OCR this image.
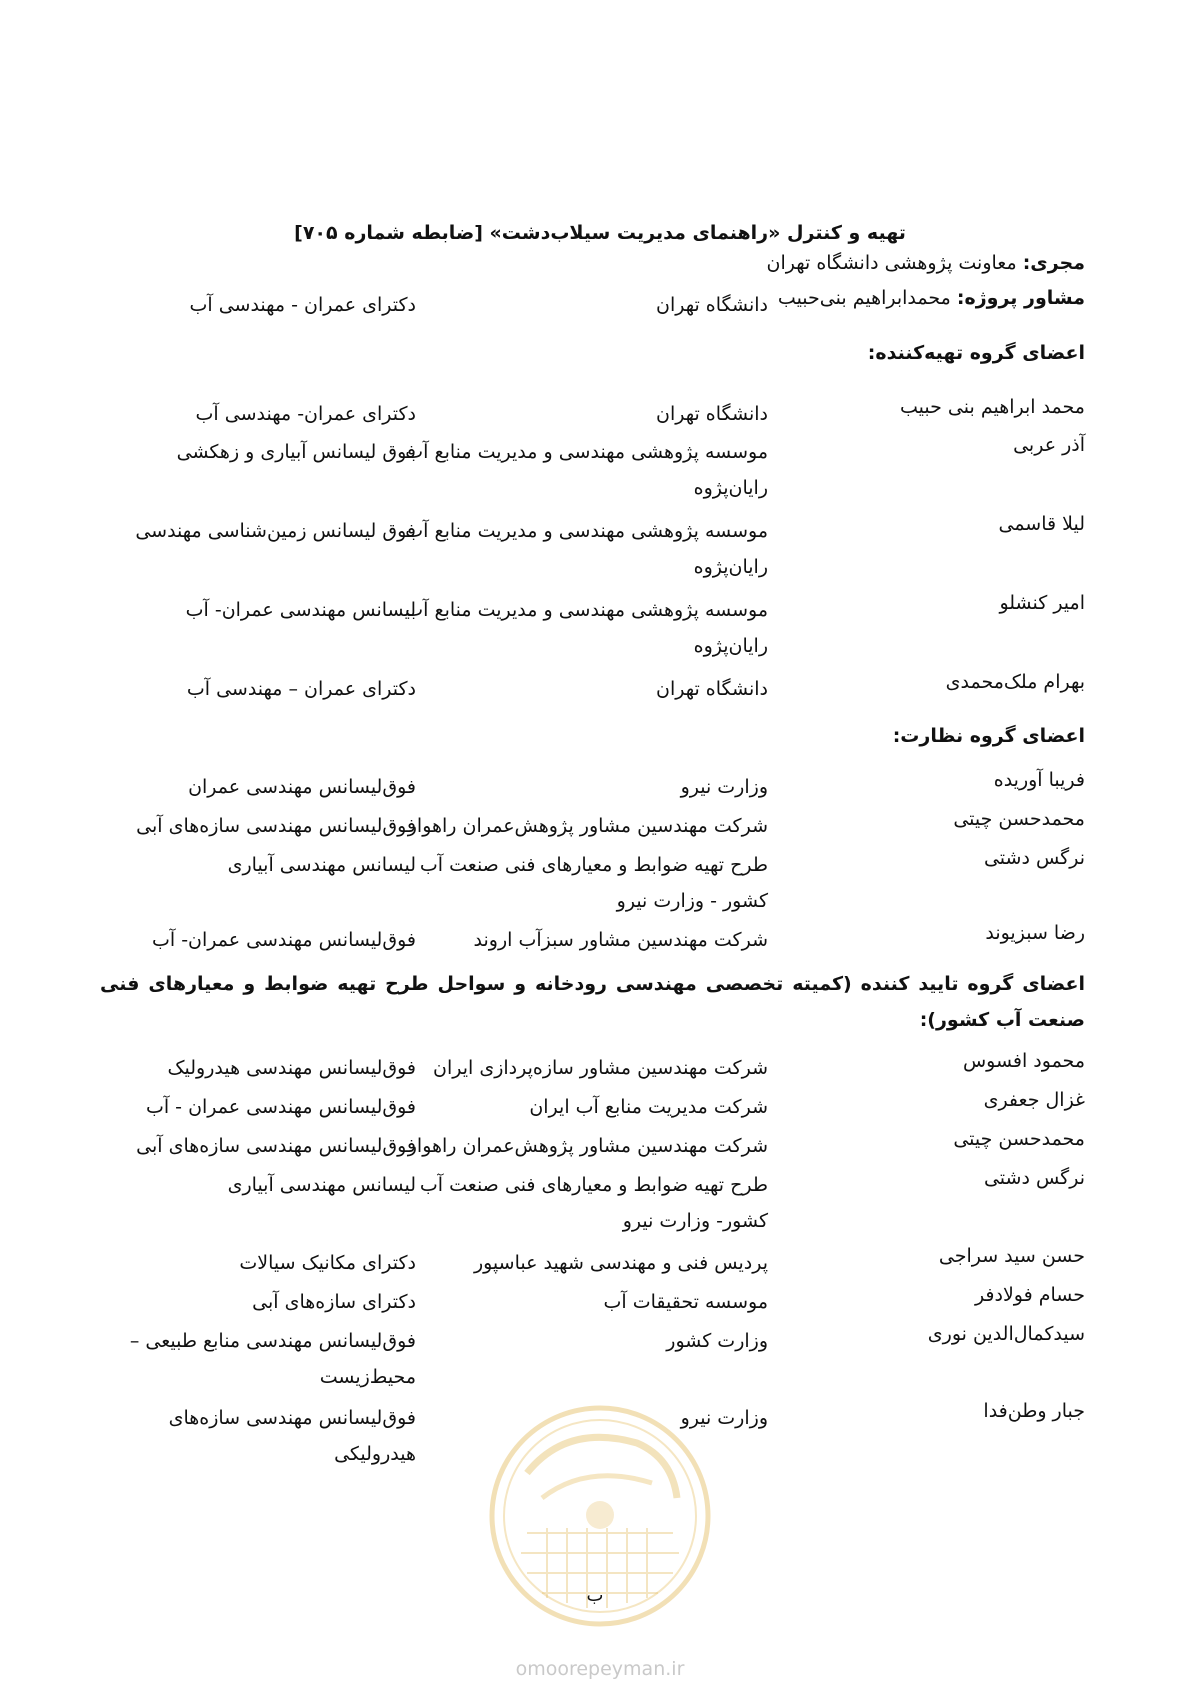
تهیه و کنترل «راهنمای مدیریت سیلاب‌دشت» [ضابطه شماره ۷۰۵]
مجری: معاونت پژوهشی دانشگاه تهران
مشاور پروژه: محمدابراهیم بنی‌حبیب
دانشگاه تهران
دکترای عمران - مهندسی آب
اعضای گروه تهیه‌کننده:
محمد ابراهیم بنی حبیب
دانشگاه تهران
دکترای عمران- مهندسی آب
آذر عربی
موسسه پژوهشی مهندسی و مدیریت منابع آب رایان‌پژوه
فوق لیسانس آبیاری و زهکشی
لیلا قاسمی
موسسه پژوهشی مهندسی و مدیریت منابع آب رایان‌پژوه
فوق لیسانس زمین‌شناسی مهندسی
امیر کنشلو
موسسه پژوهشی مهندسی و مدیریت منابع آب رایان‌پژوه
لیسانس مهندسی عمران- آب
بهرام ملک‌محمدی
دانشگاه تهران
دکترای عمران – مهندسی آب
اعضای گروه نظارت:
فریبا آوریده
وزارت نیرو
فوق‌لیسانس مهندسی عمران
محمدحسن چیتی
شرکت مهندسین مشاور پژوهش‌عمران راهوار
فوق‌لیسانس مهندسی سازه‌های آبی
نرگس دشتی
طرح تهیه ضوابط و معیارهای فنی صنعت آب کشور - وزارت نیرو
لیسانس مهندسی آبیاری
رضا سبزیوند
شرکت مهندسین مشاور سبزآب اروند
فوق‌لیسانس مهندسی عمران- آب
اعضای گروه تایید کننده (کمیته تخصصی مهندسی رودخانه و سواحل طرح تهیه ضوابط و معیارهای فنی صنعت آب کشور):
محمود افسوس
شرکت مهندسین مشاور سازه‌پردازی ایران
فوق‌لیسانس مهندسی هیدرولیک
غزال جعفری
شرکت مدیریت منابع آب ایران
فوق‌لیسانس مهندسی عمران - آب
محمدحسن چیتی
شرکت مهندسین مشاور پژوهش‌عمران راهوار
فوق‌لیسانس مهندسی سازه‌های آبی
نرگس دشتی
طرح تهیه ضوابط و معیارهای فنی صنعت آب کشور- وزارت نیرو
لیسانس مهندسی آبیاری
حسن سید سراجی
پردیس فنی و مهندسی شهید عباسپور
دکترای مکانیک سیالات
حسام فولادفر
موسسه تحقیقات آب
دکترای سازه‌های آبی
سیدکمال‌الدین نوری
وزارت کشور
فوق‌لیسانس مهندسی منابع طبیعی – محیط‌زیست
جبار وطن‌فدا
وزارت نیرو
فوق‌لیسانس مهندسی سازه‌های هیدرولیکی
ب
omoorepeyman.ir
